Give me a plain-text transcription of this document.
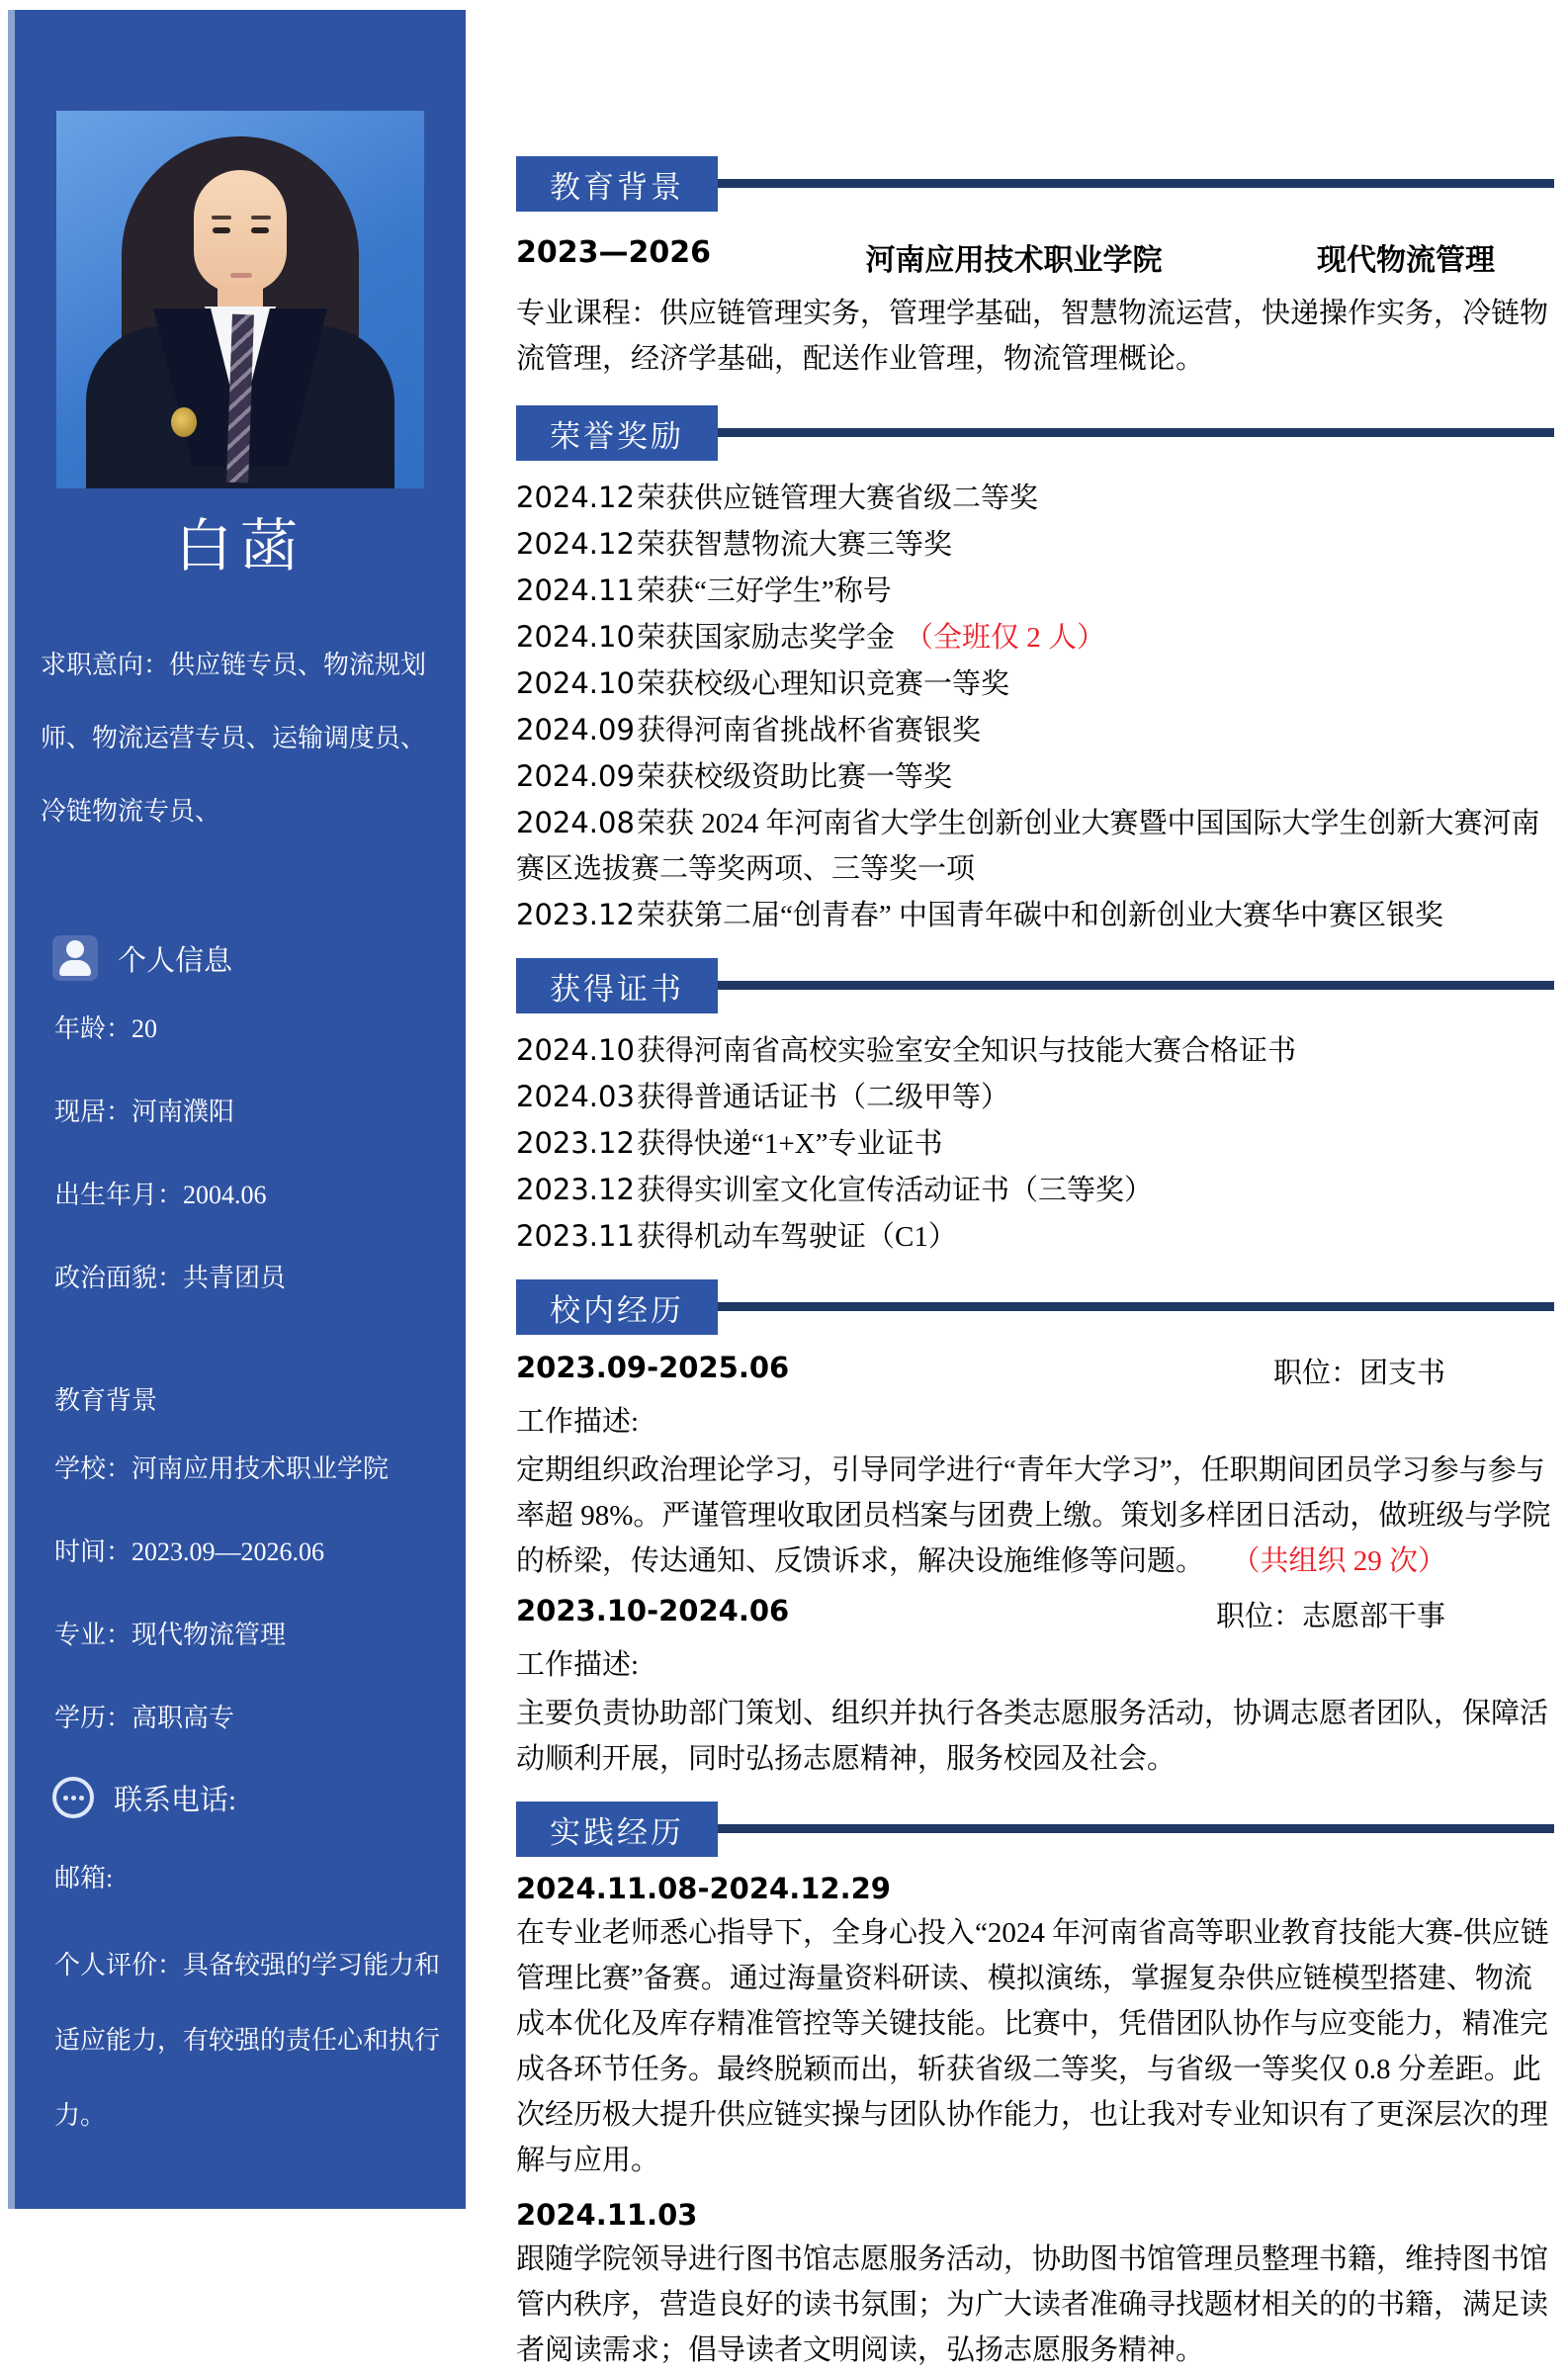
白菡
求职意向：供应链专员、物流规划师、物流运营专员、运输调度员、冷链物流专员、
个人信息
年龄：20
现居：河南濮阳
出生年月：2004.06
政治面貌：共青团员
教育背景
学校：河南应用技术职业学院
时间：2023.09—2026.06
专业：现代物流管理
学历：高职高专
联系电话:
邮箱:
个人评价：具备较强的学习能力和适应能力，有较强的责任心和执行力。
教育背景
2023—2026	河南应用技术职业学院	现代物流管理
专业课程：供应链管理实务，管理学基础，智慧物流运营，快递操作实务，冷链物流管理，经济学基础，配送作业管理，物流管理概论。
荣誉奖励
2024.12荣获供应链管理大赛省级二等奖
2024.12荣获智慧物流大赛三等奖
2024.11荣获“三好学生”称号
2024.10荣获国家励志奖学金 （全班仅 2 人）
2024.10荣获校级心理知识竞赛一等奖
2024.09获得河南省挑战杯省赛银奖
2024.09荣获校级资助比赛一等奖
2024.08荣获 2024 年河南省大学生创新创业大赛暨中国国际大学生创新大赛河南赛区选拔赛二等奖两项、三等奖一项
2023.12荣获第二届“创青春” 中国青年碳中和创新创业大赛华中赛区银奖
获得证书
2024.10获得河南省高校实验室安全知识与技能大赛合格证书
2024.03获得普通话证书（二级甲等）
2023.12获得快递“1+X”专业证书
2023.12获得实训室文化宣传活动证书（三等奖）
2023.11获得机动车驾驶证（C1）
校内经历
2023.09-2025.06	职位：团支书
工作描述:
定期组织政治理论学习，引导同学进行“青年大学习”，任职期间团员学习参与参与率超 98%。严谨管理收取团员档案与团费上缴。策划多样团日活动，做班级与学院的桥梁，传达通知、反馈诉求，解决设施维修等问题。 （共组织 29 次）
2023.10-2024.06	职位：志愿部干事
工作描述:
主要负责协助部门策划、组织并执行各类志愿服务活动，协调志愿者团队，保障活动顺利开展，同时弘扬志愿精神，服务校园及社会。
实践经历
2024.11.08-2024.12.29
在专业老师悉心指导下，全身心投入“2024 年河南省高等职业教育技能大赛-供应链管理比赛”备赛。通过海量资料研读、模拟演练，掌握复杂供应链模型搭建、物流成本优化及库存精准管控等关键技能。比赛中，凭借团队协作与应变能力，精准完成各环节任务。最终脱颖而出，斩获省级二等奖，与省级一等奖仅 0.8 分差距。此次经历极大提升供应链实操与团队协作能力，也让我对专业知识有了更深层次的理解与应用。
2024.11.03
跟随学院领导进行图书馆志愿服务活动，协助图书馆管理员整理书籍，维持图书馆管内秩序，营造良好的读书氛围；为广大读者准确寻找题材相关的的书籍，满足读者阅读需求；倡导读者文明阅读，弘扬志愿服务精神。
